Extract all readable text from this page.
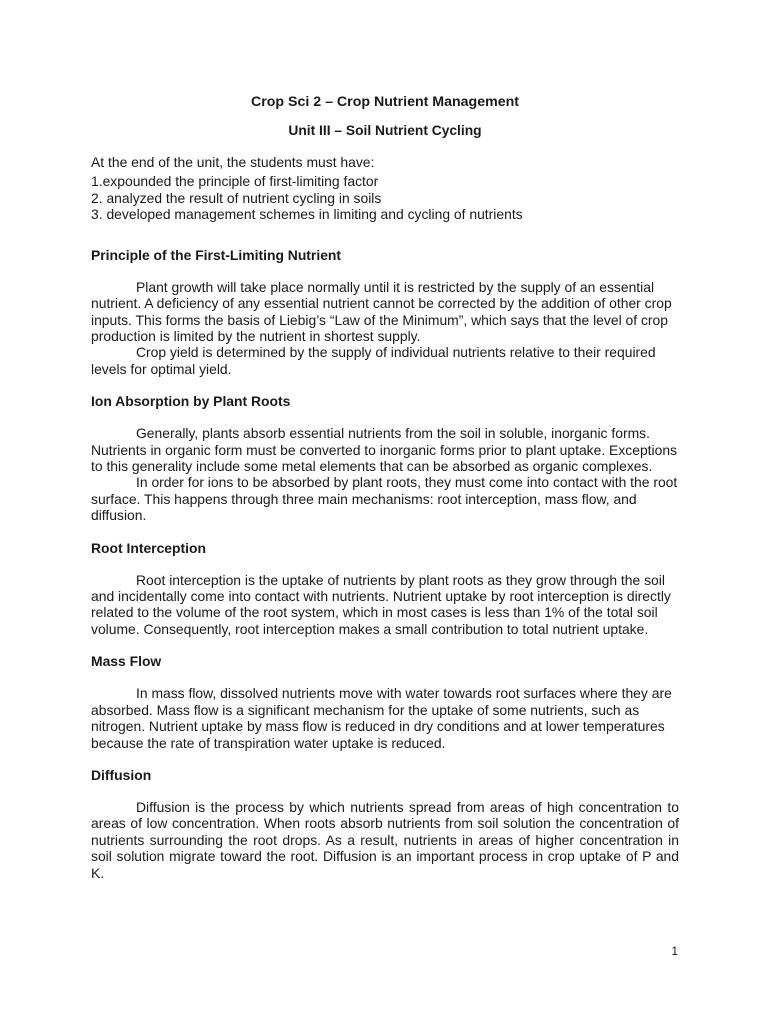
Crop Sci 2 – Crop Nutrient Management

Unit III – Soil Nutrient Cycling

At the end of the unit, the students must have:

1.expounded the principle of first-limiting factor
2. analyzed the result of nutrient cycling in soils
3. developed management schemes in limiting and cycling of nutrients

Principle of the First-Limiting Nutrient

Plant growth will take place normally until it is restricted by the supply of an essential nutrient. A deficiency of any essential nutrient cannot be corrected by the addition of other crop inputs. This forms the basis of Liebig’s “Law of the Minimum”, which says that the level of crop production is limited by the nutrient in shortest supply.

Crop yield is determined by the supply of individual nutrients relative to their required levels for optimal yield.

Ion Absorption by Plant Roots

Generally, plants absorb essential nutrients from the soil in soluble, inorganic forms. Nutrients in organic form must be converted to inorganic forms prior to plant uptake. Exceptions to this generality include some metal elements that can be absorbed as organic complexes.

In order for ions to be absorbed by plant roots, they must come into contact with the root surface. This happens through three main mechanisms: root interception, mass flow, and diffusion.

Root Interception

Root interception is the uptake of nutrients by plant roots as they grow through the soil and incidentally come into contact with nutrients. Nutrient uptake by root interception is directly related to the volume of the root system, which in most cases is less than 1% of the total soil volume. Consequently, root interception makes a small contribution to total nutrient uptake.

Mass Flow

In mass flow, dissolved nutrients move with water towards root surfaces where they are absorbed. Mass flow is a significant mechanism for the uptake of some nutrients, such as nitrogen. Nutrient uptake by mass flow is reduced in dry conditions and at lower temperatures because the rate of transpiration water uptake is reduced.

Diffusion

Diffusion is the process by which nutrients spread from areas of high concentration to areas of low concentration. When roots absorb nutrients from soil solution the concentration of nutrients surrounding the root drops. As a result, nutrients in areas of higher concentration in soil solution migrate toward the root. Diffusion is an important process in crop uptake of P and K.

1
